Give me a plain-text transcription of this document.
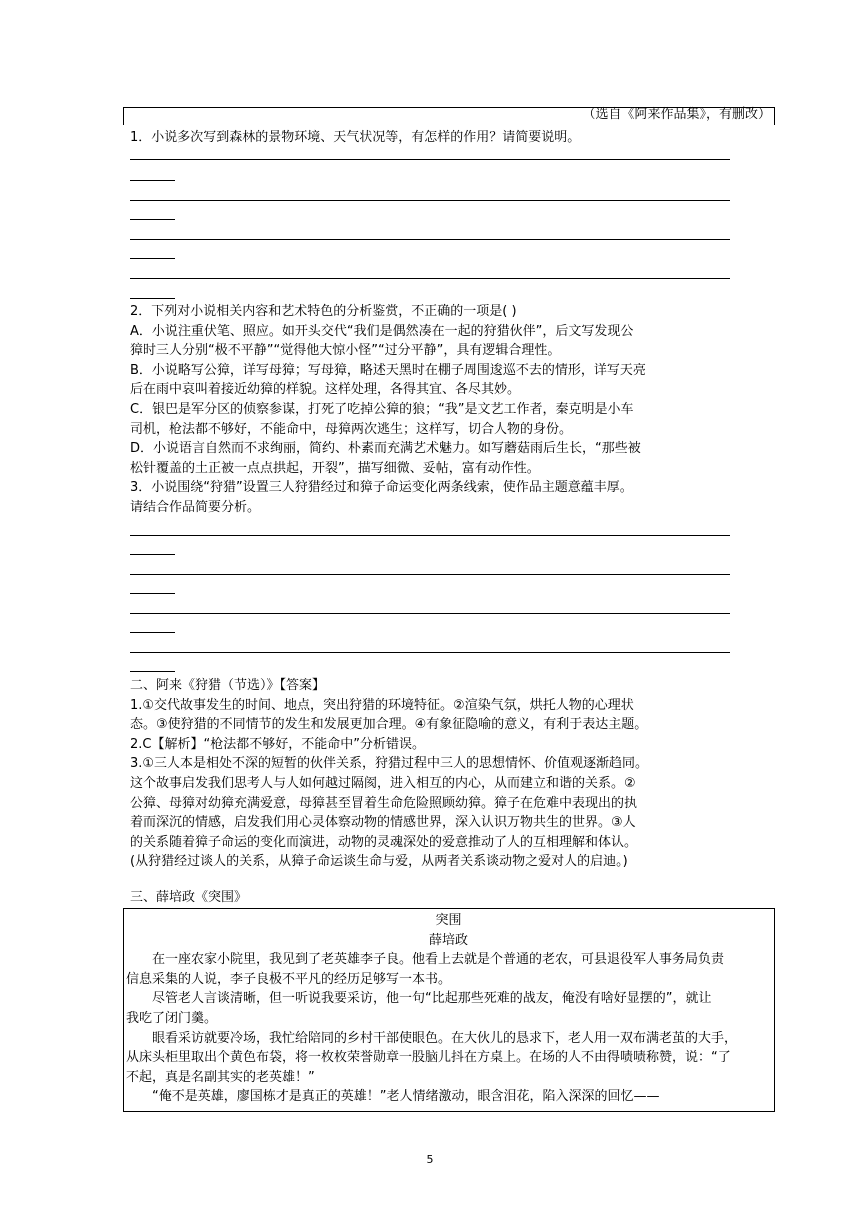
（选自《阿来作品集》，有删改）
1．小说多次写到森林的景物环境、天气状况等，有怎样的作用？请简要说明。
2．下列对小说相关内容和艺术特色的分析鉴赏，不正确的一项是( )
A．小说注重伏笔、照应。如开头交代“我们是偶然凑在一起的狩猎伙伴”，后文写发现公
獐时三人分别“极不平静”“觉得他大惊小怪”“过分平静”，具有逻辑合理性。
B．小说略写公獐，详写母獐；写母獐，略述天黑时在棚子周围逡巡不去的情形，详写天亮
后在雨中哀叫着接近幼獐的样貌。这样处理，各得其宜、各尽其妙。
C．银巴是军分区的侦察参谋，打死了吃掉公獐的狼；“我”是文艺工作者，秦克明是小车
司机，枪法都不够好，不能命中，母獐两次逃生；这样写，切合人物的身份。
D．小说语言自然而不求绚丽，简约、朴素而充满艺术魅力。如写蘑菇雨后生长，“那些被
松针覆盖的土正被一点点拱起，开裂”，描写细微、妥帖，富有动作性。
3．小说围绕“狩猎”设置三人狩猎经过和獐子命运变化两条线索，使作品主题意蕴丰厚。
请结合作品简要分析。
二、阿来《狩猎（节选）》【答案】
1.①交代故事发生的时间、地点，突出狩猎的环境特征。②渲染气氛，烘托人物的心理状
态。③使狩猎的不同情节的发生和发展更加合理。④有象征隐喻的意义，有利于表达主题。
2.C【解析】“枪法都不够好，不能命中”分析错误。
3.①三人本是相处不深的短暂的伙伴关系，狩猎过程中三人的思想情怀、价值观逐渐趋同。
这个故事启发我们思考人与人如何越过隔阂，进入相互的内心，从而建立和谐的关系。②
公獐、母獐对幼獐充满爱意，母獐甚至冒着生命危险照顾幼獐。獐子在危难中表现出的执
着而深沉的情感，启发我们用心灵体察动物的情感世界，深入认识万物共生的世界。③人
的关系随着獐子命运的变化而演进，动物的灵魂深处的爱意推动了人的互相理解和体认。
(从狩猎经过谈人的关系，从獐子命运谈生命与爱，从两者关系谈动物之爱对人的启迪。)
三、薛培政《突围》
突围
薛培政
　　在一座农家小院里，我见到了老英雄李子良。他看上去就是个普通的老农，可县退役军人事务局负责
信息采集的人说，李子良极不平凡的经历足够写一本书。
　　尽管老人言谈清晰，但一听说我要采访，他一句“比起那些死难的战友，俺没有啥好显摆的”，就让
我吃了闭门羹。
　　眼看采访就要冷场，我忙给陪同的乡村干部使眼色。在大伙儿的恳求下，老人用一双布满老茧的大手，
从床头柜里取出个黄色布袋，将一枚枚荣誉勋章一股脑儿抖在方桌上。在场的人不由得啧啧称赞，说：“了
不起，真是名副其实的老英雄！”
　　“俺不是英雄，廖国栋才是真正的英雄！”老人情绪激动，眼含泪花，陷入深深的回忆——
5
